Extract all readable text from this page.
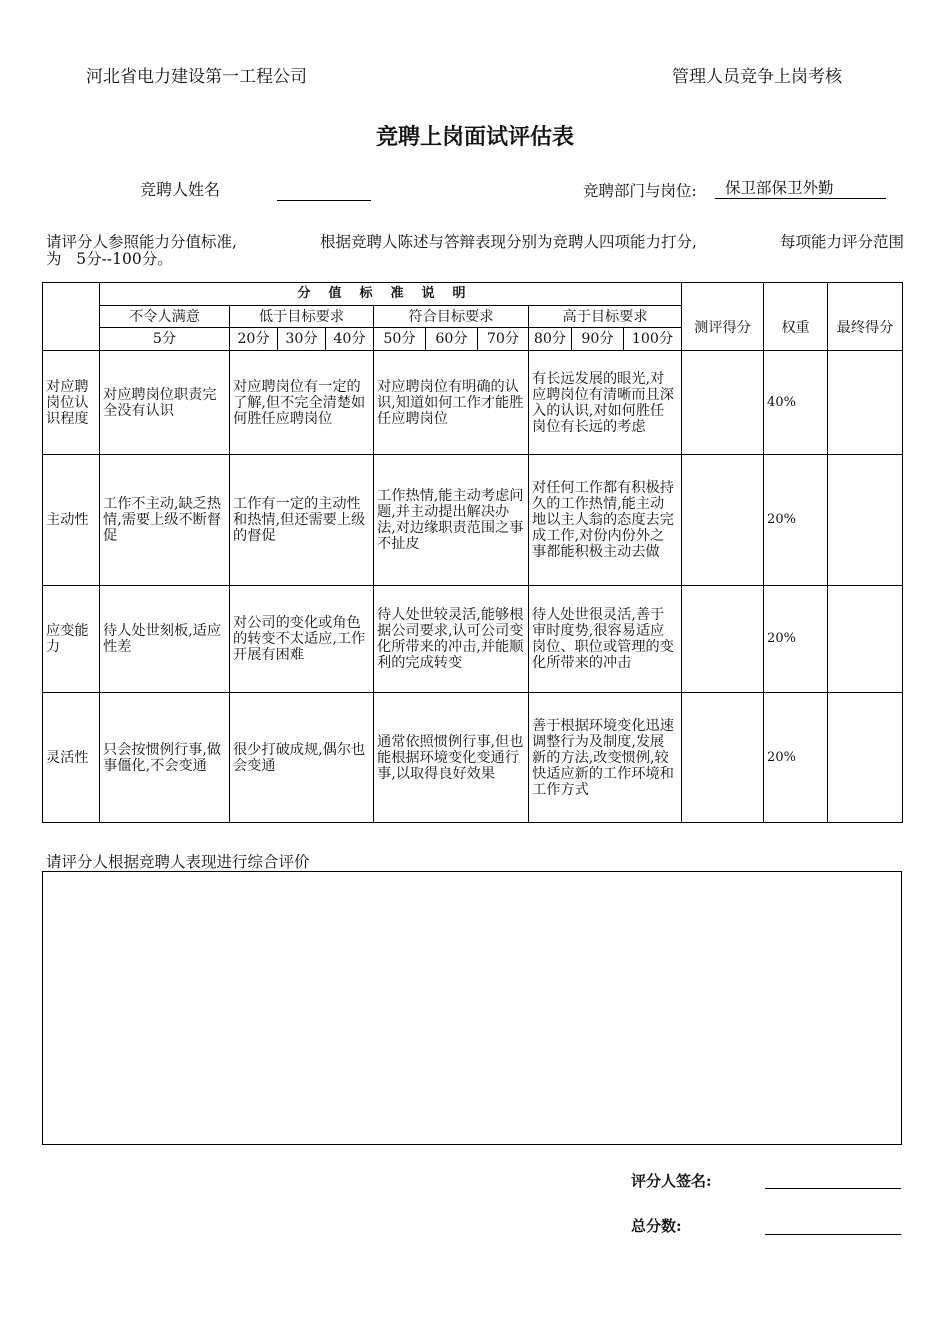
河北省电力建设第一工程公司	管理人员竞争上岗考核
竞聘上岗面试评估表
竞聘人姓名	竞聘部门与岗位:	保卫部保卫外勤
请评分人参照能力分值标准,	根据竞聘人陈述与答辩表现分别为竞聘人四项能力打分,	每项能力评分范围
为   5分--100分。
	分值标准说明												
	不令人满意	低于目标要求			符合目标要求			高于目标要求			测评得分	权重	最终得分
	5分	20分	30分	40分	50分	60分	70分	80分	90分	100分			
对应聘岗位认识程度	对应聘岗位职责完全没有认识	对应聘岗位有一定的了解,但不完全清楚如何胜任应聘岗位			对应聘岗位有明确的认识,知道如何工作才能胜任应聘岗位			有长远发展的眼光,对应聘岗位有清晰而且深入的认识,对如何胜任岗位有长远的考虑				40%	
主动性	工作不主动,缺乏热情,需要上级不断督促	工作有一定的主动性和热情,但还需要上级的督促			工作热情,能主动考虑问题,并主动提出解决办法,对边缘职责范围之事不扯皮			对任何工作都有积极持久的工作热情,能主动地以主人翁的态度去完成工作,对份内份外之事都能积极主动去做				20%	
应变能力	待人处世刻板,适应性差	对公司的变化或角色的转变不太适应,工作开展有困难			待人处世较灵活,能够根据公司要求,认可公司变化所带来的冲击,并能顺利的完成转变			待人处世很灵活,善于审时度势,很容易适应岗位、职位或管理的变化所带来的冲击				20%	
灵活性	只会按惯例行事,做事僵化,不会变通	很少打破成规,偶尔也会变通			通常依照惯例行事,但也能根据环境变化变通行事,以取得良好效果			善于根据环境变化迅速调整行为及制度,发展新的方法,改变惯例,较快适应新的工作环境和工作方式				20%	
请评分人根据竞聘人表现进行综合评价
评分人签名:
总分数:
